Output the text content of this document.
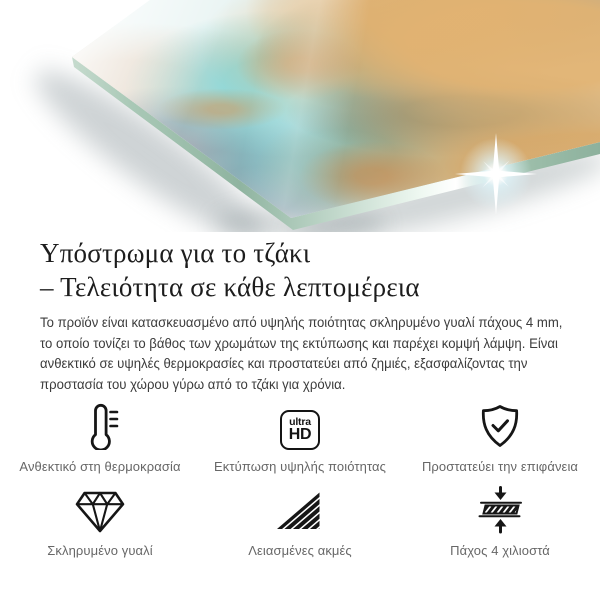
Υπόστρωμα για το τζάκι
– Τελειότητα σε κάθε λεπτομέρεια
Το προϊόν είναι κατασκευασμένο από υψηλής ποιότητας σκληρυμένο γυαλί πάχους 4 mm,
το οποίο τονίζει το βάθος των χρωμάτων της εκτύπωσης και παρέχει κομψή λάμψη. Είναι
ανθεκτικό σε υψηλές θερμοκρασίες και προστατεύει από ζημιές, εξασφαλίζοντας την
προστασία του χώρου γύρω από το τζάκι για χρόνια.
Ανθεκτικό στη θερμοκρασία
ultra
HD
Εκτύπωση υψηλής ποιότητας	Προστατεύει την επιφάνεια
Σκληρυμένο γυαλί	Λειασμένες ακμές	Πάχος 4 χιλιοστά
